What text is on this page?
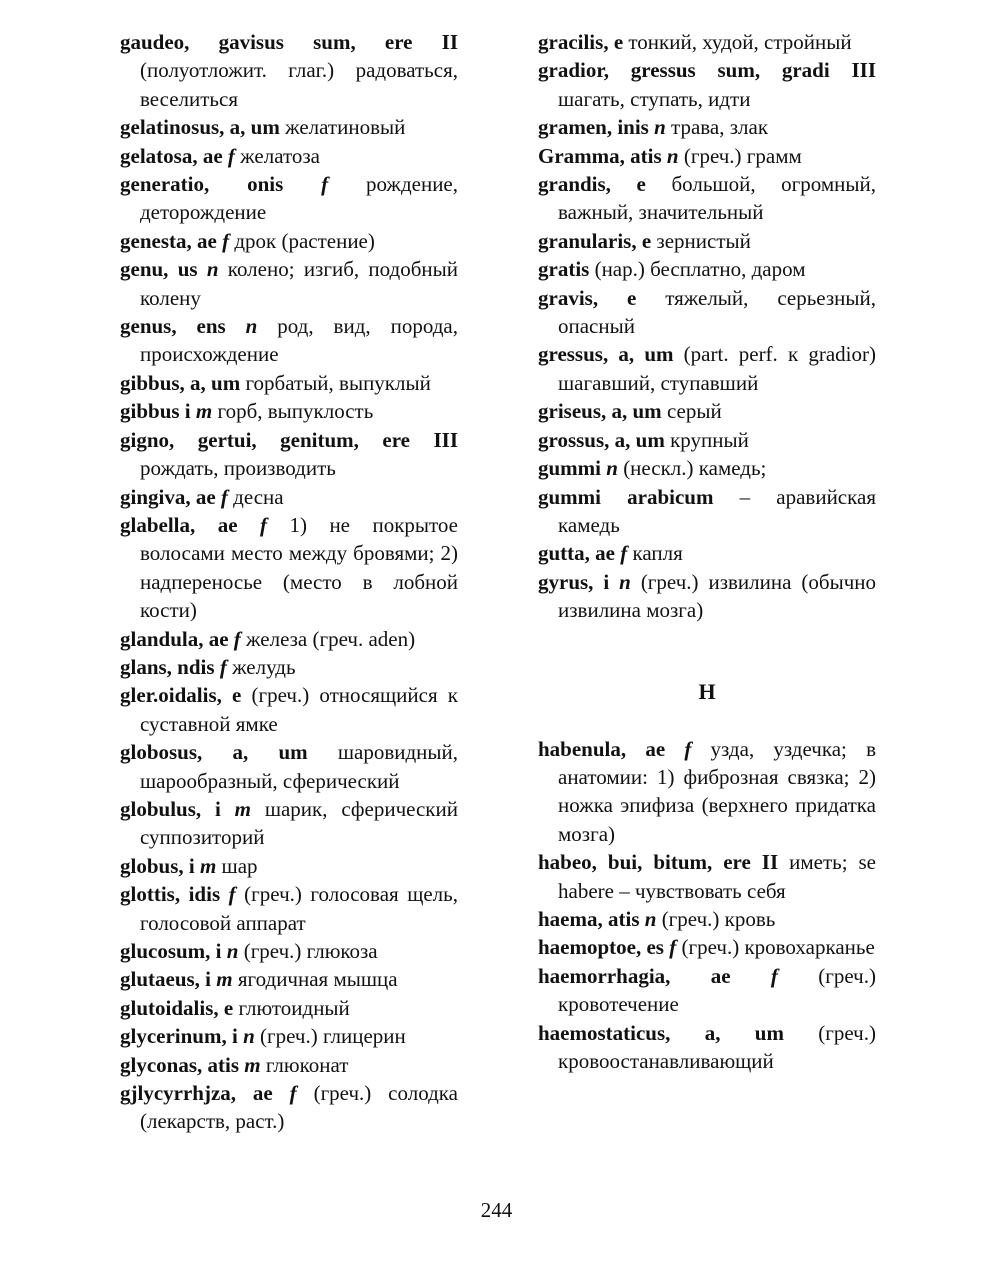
gaudeo, gavisus sum, ere II (полуотложит. глаг.) радоваться, веселиться
gelatinosus, a, um желатиновый
gelatosa, ae f желатоза
generatio, onis f рождение, деторождение
genesta, ae f дрок (растение)
genu, us n колено; изгиб, подобный колену
genus, ens n род, вид, порода, происхождение
gibbus, a, um горбатый, выпуклый
gibbus i m горб, выпуклость
gigno, gertui, genitum, ere III рождать, производить
gingiva, ae f десна
glabella, ae f 1) не покрытое волосами место между бровями; 2) надпереносье (место в лобной кости)
glandula, ae f железа (греч. aden)
glans, ndis f желудь
gler.oidalis, e (греч.) относящийся к суставной ямке
globosus, a, um шаровидный, шарообразный, сферический
globulus, i m шарик, сферический суппозиторий
globus, i m шар
glottis, idis f (греч.) голосовая щель, голосовой аппарат
glucosum, i n (греч.) глюкоза
glutaeus, i m ягодичная мышца
glutoidalis, e глютоидный
glycerinum, i n (греч.) глицерин
glyconas, atis m глюконат
gjlycyrrhjza, ae f (греч.) солодка (лекарств, раст.)
gracilis, e тонкий, худой, стройный
gradior, gressus sum, gradi III шагать, ступать, идти
gramen, inis n трава, злак
Gramma, atis n (греч.) грамм
grandis, e большой, огромный, важный, значительный
granularis, e зернистый
gratis (нар.) бесплатно, даром
gravis, e тяжелый, серьезный, опасный
gressus, a, um (part. perf. к gradior) шагавший, ступавший
griseus, a, um серый
grossus, a, um крупный
gummi n (нескл.) камедь;
gummi arabicum – аравийская камедь
gutta, ae f капля
gyrus, i n (греч.) извилина (обычно извилина мозга)
H
habenula, ae f узда, уздечка; в анатомии: 1) фиброзная связка; 2) ножка эпифиза (верхнего придатка мозга)
habeo, bui, bitum, ere II иметь; se habere – чувствовать себя
haema, atis n (греч.) кровь
haemoptoe, es f (греч.) кровохарканье
haemorrhagia, ae f (греч.) кровотечение
haemostaticus, a, um (греч.) кровоостанавливающий
244
